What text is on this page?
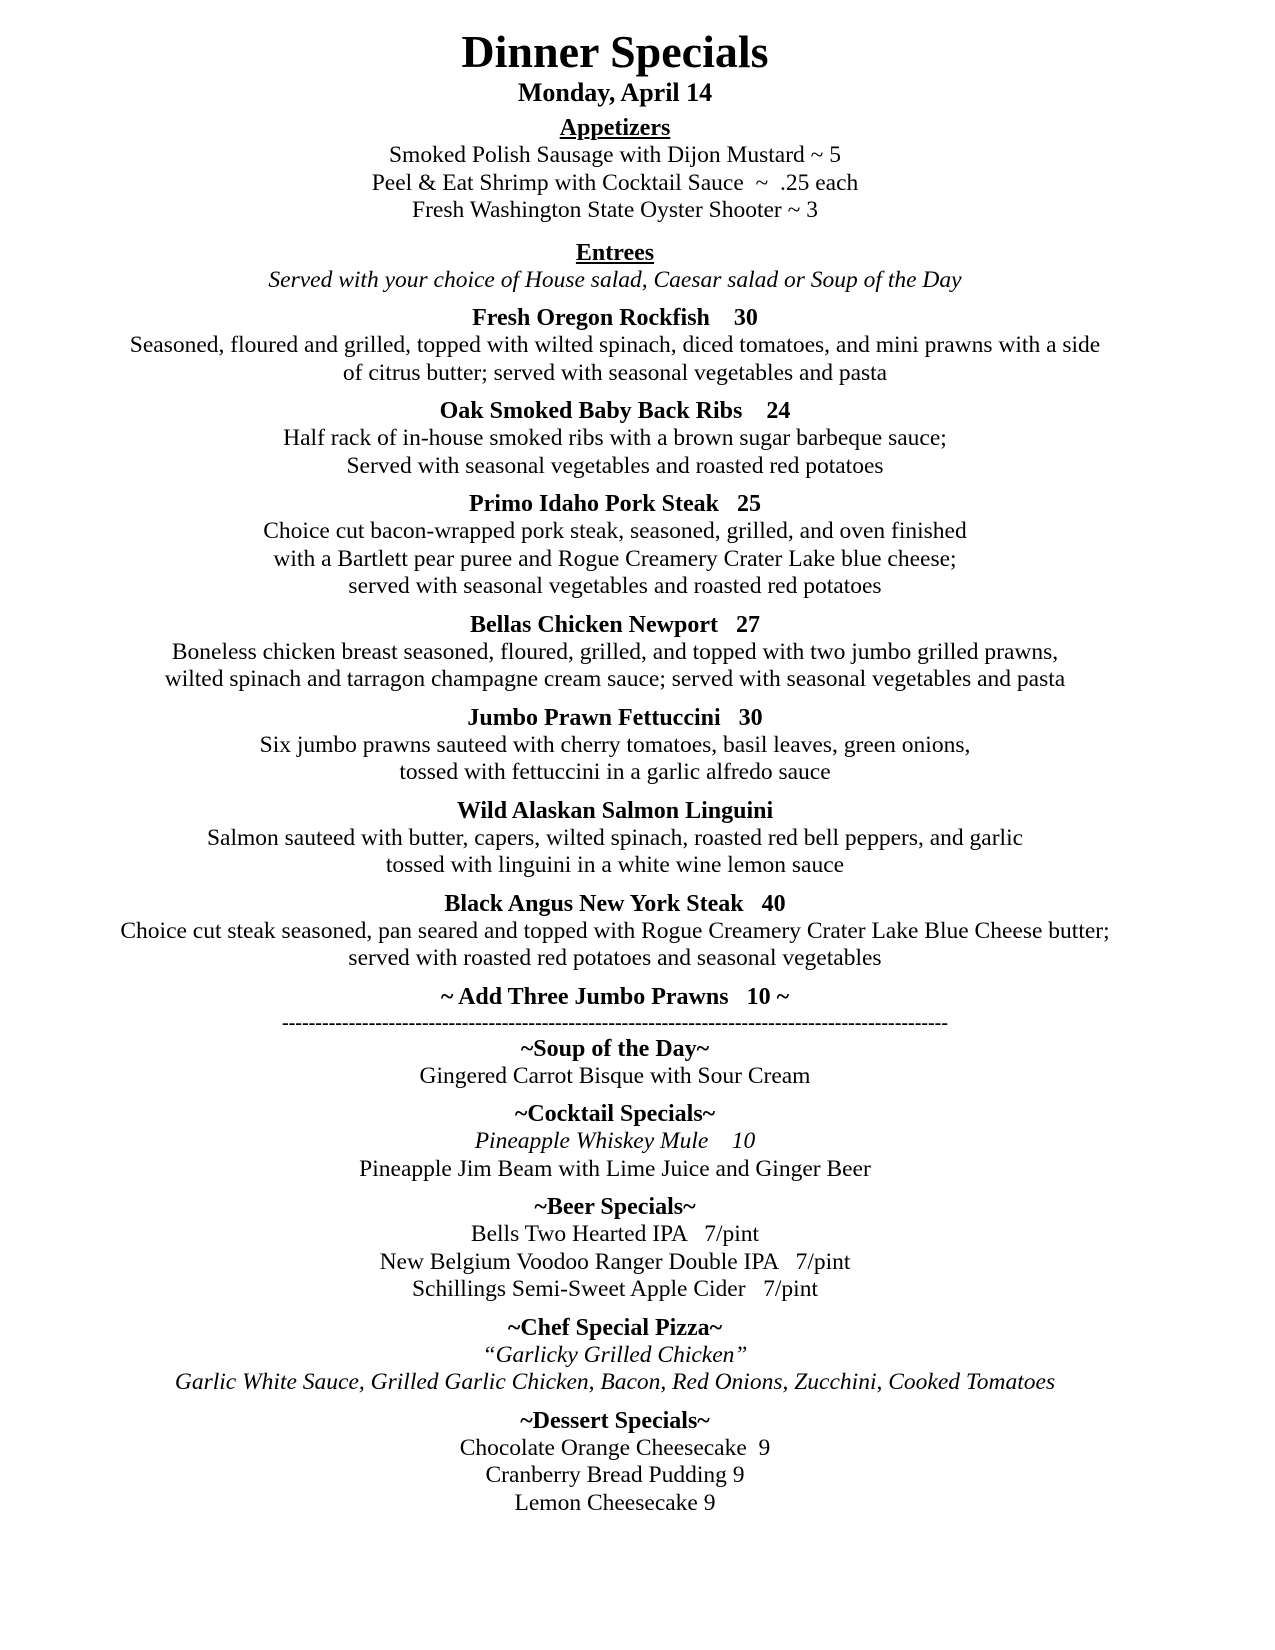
Dinner Specials
Monday, April 14
Appetizers
Smoked Polish Sausage with Dijon Mustard ~ 5
Peel & Eat Shrimp with Cocktail Sauce  ~  .25 each
Fresh Washington State Oyster Shooter ~ 3
Entrees
Served with your choice of House salad, Caesar salad or Soup of the Day
Fresh Oregon Rockfish    30
Seasoned, floured and grilled, topped with wilted spinach, diced tomatoes, and mini prawns with a side
of citrus butter; served with seasonal vegetables and pasta
Oak Smoked Baby Back Ribs    24
Half rack of in-house smoked ribs with a brown sugar barbeque sauce;
Served with seasonal vegetables and roasted red potatoes
Primo Idaho Pork Steak   25
Choice cut bacon-wrapped pork steak, seasoned, grilled, and oven finished
with a Bartlett pear puree and Rogue Creamery Crater Lake blue cheese;
served with seasonal vegetables and roasted red potatoes
Bellas Chicken Newport   27
Boneless chicken breast seasoned, floured, grilled, and topped with two jumbo grilled prawns,
wilted spinach and tarragon champagne cream sauce; served with seasonal vegetables and pasta
Jumbo Prawn Fettuccini   30
Six jumbo prawns sauteed with cherry tomatoes, basil leaves, green onions,
tossed with fettuccini in a garlic alfredo sauce
Wild Alaskan Salmon Linguini
Salmon sauteed with butter, capers, wilted spinach, roasted red bell peppers, and garlic
tossed with linguini in a white wine lemon sauce
Black Angus New York Steak   40
Choice cut steak seasoned, pan seared and topped with Rogue Creamery Crater Lake Blue Cheese butter;
served with roasted red potatoes and seasonal vegetables
~ Add Three Jumbo Prawns   10 ~
----------------------------------------------------------------------------------------------------
~Soup of the Day~
Gingered Carrot Bisque with Sour Cream
~Cocktail Specials~
Pineapple Whiskey Mule    10
Pineapple Jim Beam with Lime Juice and Ginger Beer
~Beer Specials~
Bells Two Hearted IPA   7/pint
New Belgium Voodoo Ranger Double IPA   7/pint
Schillings Semi-Sweet Apple Cider   7/pint
~Chef Special Pizza~
“Garlicky Grilled Chicken”
Garlic White Sauce, Grilled Garlic Chicken, Bacon, Red Onions, Zucchini, Cooked Tomatoes
~Dessert Specials~
Chocolate Orange Cheesecake  9
Cranberry Bread Pudding 9
Lemon Cheesecake 9
